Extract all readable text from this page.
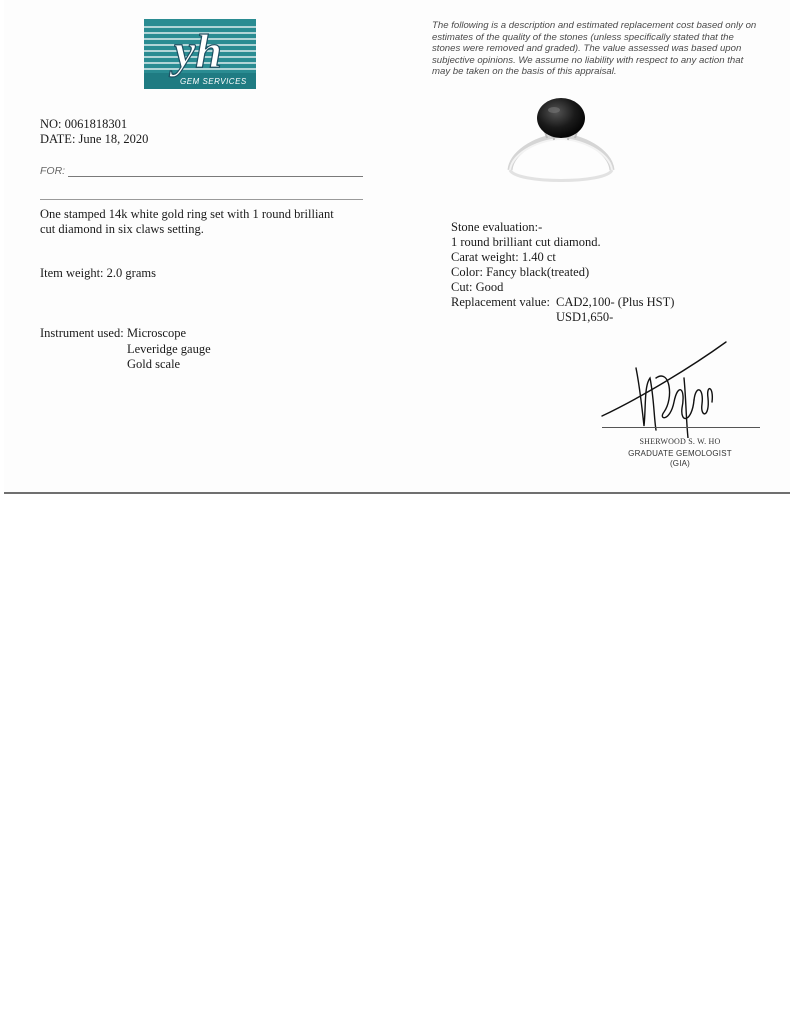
yh
GEM SERVICES

The following is a description and estimated replacement cost based only on estimates of the quality of the stones (unless specifically stated that the stones were removed and graded). The value assessed was based upon subjective opinions. We assume no liability with respect to any action that may be taken on the basis of this appraisal.

NO: 0061818301

DATE: June 18, 2020

FOR:

One stamped 14k white gold ring set with 1 round brilliant

cut diamond in six claws setting.

Item weight: 2.0 grams

Instrument used: Microscope

Leveridge gauge

Gold scale

Stone evaluation:-

1 round brilliant cut diamond.

Carat weight: 1.40 ct

Color: Fancy black(treated)

Cut: Good

Replacement value: CAD2,100- (Plus HST)

USD1,650-

SHERWOOD S. W. HO

GRADUATE GEMOLOGIST

(GIA)
